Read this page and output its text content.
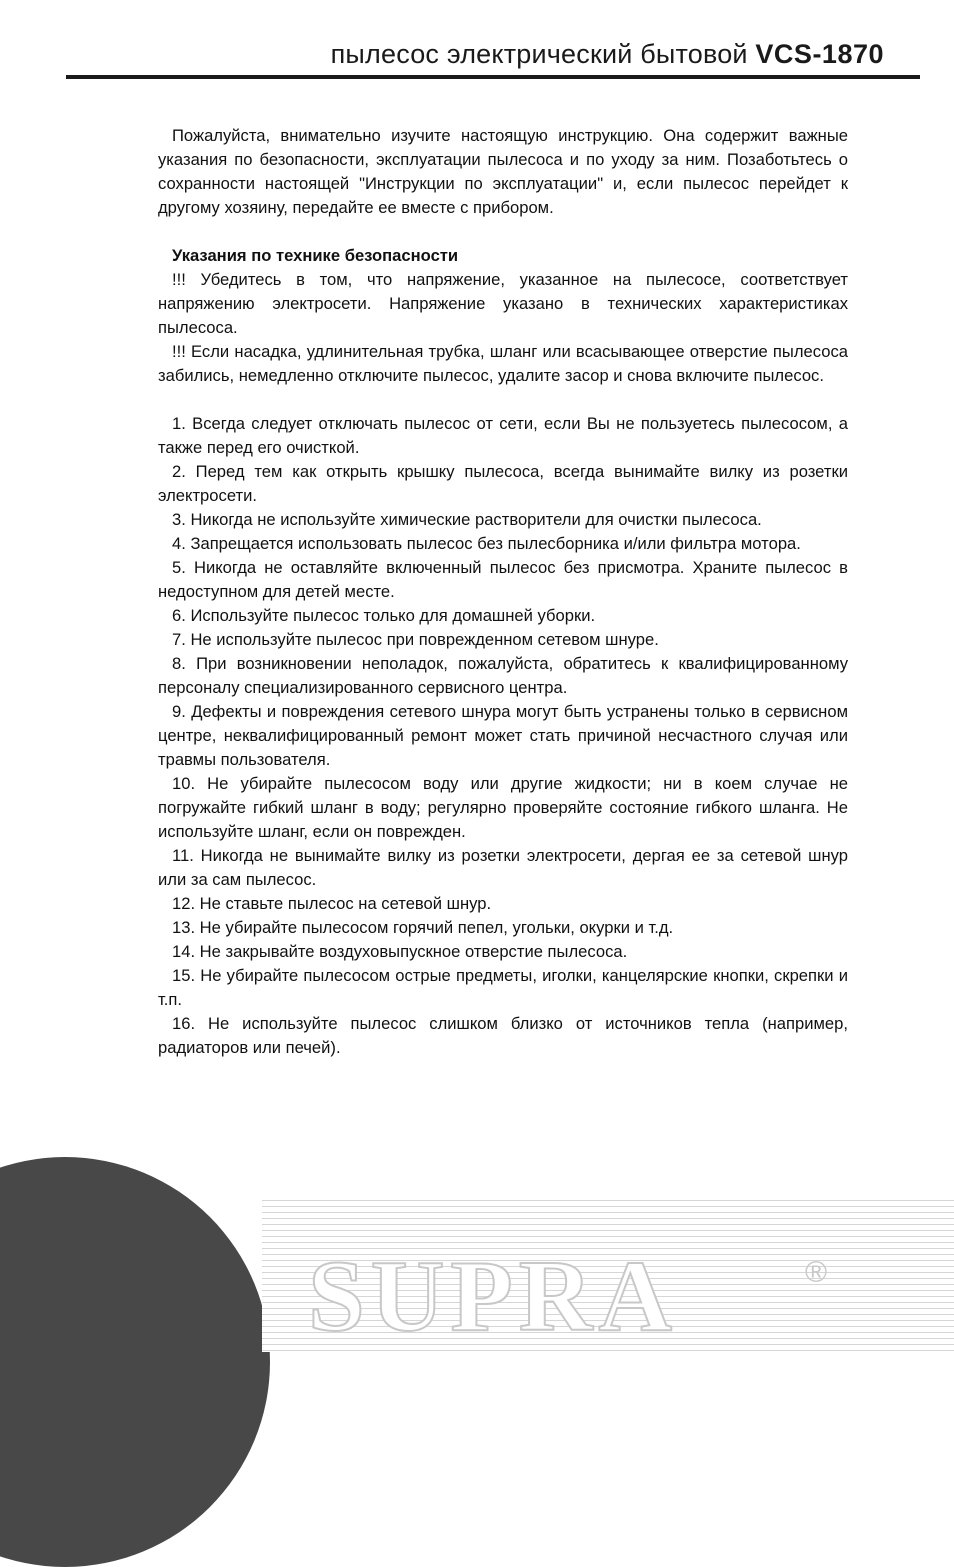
пылесос электрический бытовой VCS-1870

Пожалуйста, внимательно изучите настоящую инструкцию. Она содержит важные указания по безопасности, эксплуатации пылесоса и по уходу за ним. Позаботьтесь о сохранности настоящей "Инструкции по эксплуатации" и, если пылесос перейдет к другому хозяину, передайте ее вместе с прибором.

Указания по технике безопасности

!!! Убедитесь в том, что напряжение, указанное на пылесосе, соответствует напряжению электросети. Напряжение указано в технических характеристиках пылесоса.

!!! Если насадка, удлинительная трубка, шланг или всасывающее отверстие пылесоса забились, немедленно отключите пылесос, удалите засор и снова включите пылесос.

1. Всегда следует отключать пылесос от сети, если Вы не пользуетесь пылесосом, а также перед его очисткой.

2. Перед тем как открыть крышку пылесоса, всегда вынимайте вилку из розетки электросети.

3. Никогда не используйте химические растворители для очистки пылесоса.

4. Запрещается использовать пылесос без пылесборника и/или фильтра мотора.

5. Никогда не оставляйте включенный пылесос без присмотра. Храните пылесос в недоступном для детей месте.

6. Используйте пылесос только для домашней уборки.

7. Не используйте пылесос при поврежденном сетевом шнуре.

8. При возникновении неполадок, пожалуйста, обратитесь к квалифицированному персоналу специализированного сервисного центра.

9. Дефекты и повреждения сетевого шнура могут быть устранены только в сервисном центре, неквалифицированный ремонт может стать причиной несчастного случая или травмы пользователя.

10. Не убирайте пылесосом воду или другие жидкости; ни в коем случае не погружайте гибкий шланг в воду; регулярно проверяйте состояние гибкого шланга. Не используйте шланг, если он поврежден.

11. Никогда не вынимайте вилку из розетки электросети, дергая ее за сетевой шнур или за сам пылесос.

12. Не ставьте пылесос на сетевой шнур.

13. Не убирайте пылесосом горячий пепел, угольки, окурки и т.д.

14. Не закрывайте воздуховыпускное отверстие пылесоса.

15. Не убирайте пылесосом острые предметы, иголки, канцелярские кнопки, скрепки и т.п.

16. Не используйте пылесос слишком близко от источников тепла (например, радиаторов или печей).

SUPRA	®
